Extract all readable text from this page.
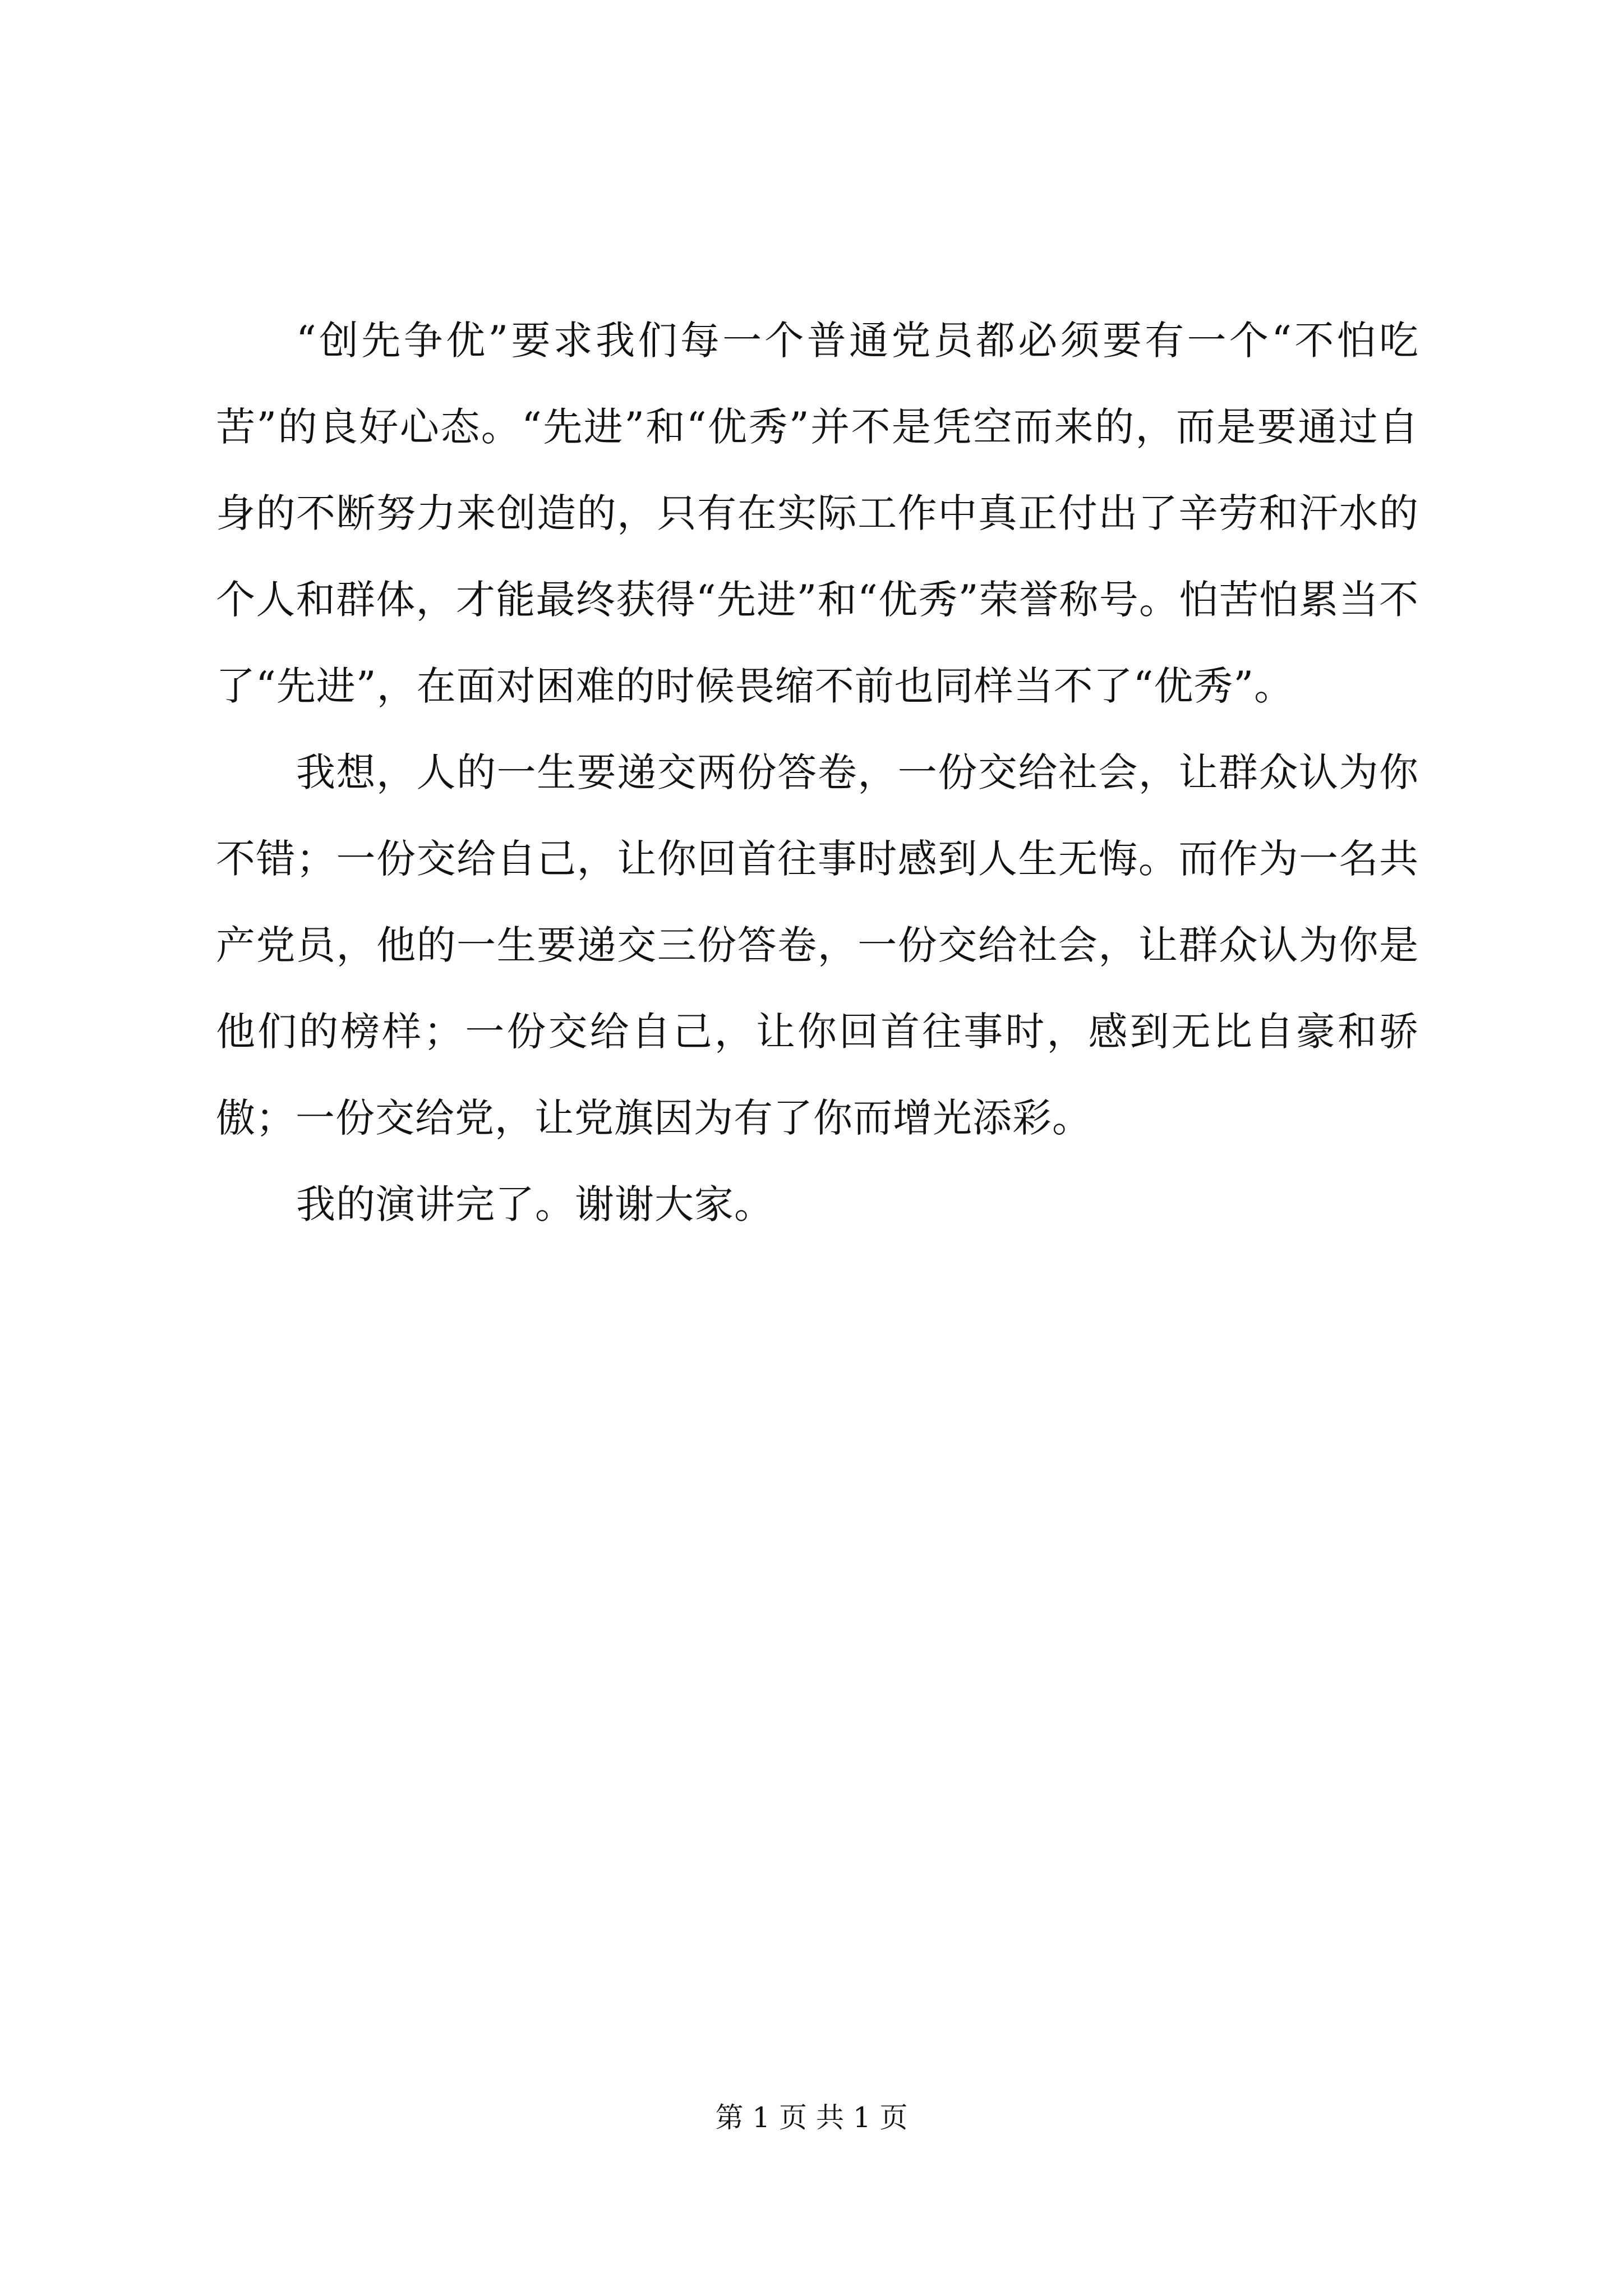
“创先争优”要求我们每一个普通党员都必须要有一个“不怕吃苦”的良好心态。“先进”和“优秀”并不是凭空而来的，而是要通过自身的不断努力来创造的，只有在实际工作中真正付出了辛劳和汗水的个人和群体，才能最终获得“先进”和“优秀”荣誉称号。怕苦怕累当不了“先进”，在面对困难的时候畏缩不前也同样当不了“优秀”。

我想，人的一生要递交两份答卷，一份交给社会，让群众认为你不错；一份交给自己，让你回首往事时感到人生无悔。而作为一名共产党员，他的一生要递交三份答卷，一份交给社会，让群众认为你是他们的榜样；一份交给自己，让你回首往事时，感到无比自豪和骄傲；一份交给党，让党旗因为有了你而增光添彩。

我的演讲完了。谢谢大家。

第 1 页 共 1 页
